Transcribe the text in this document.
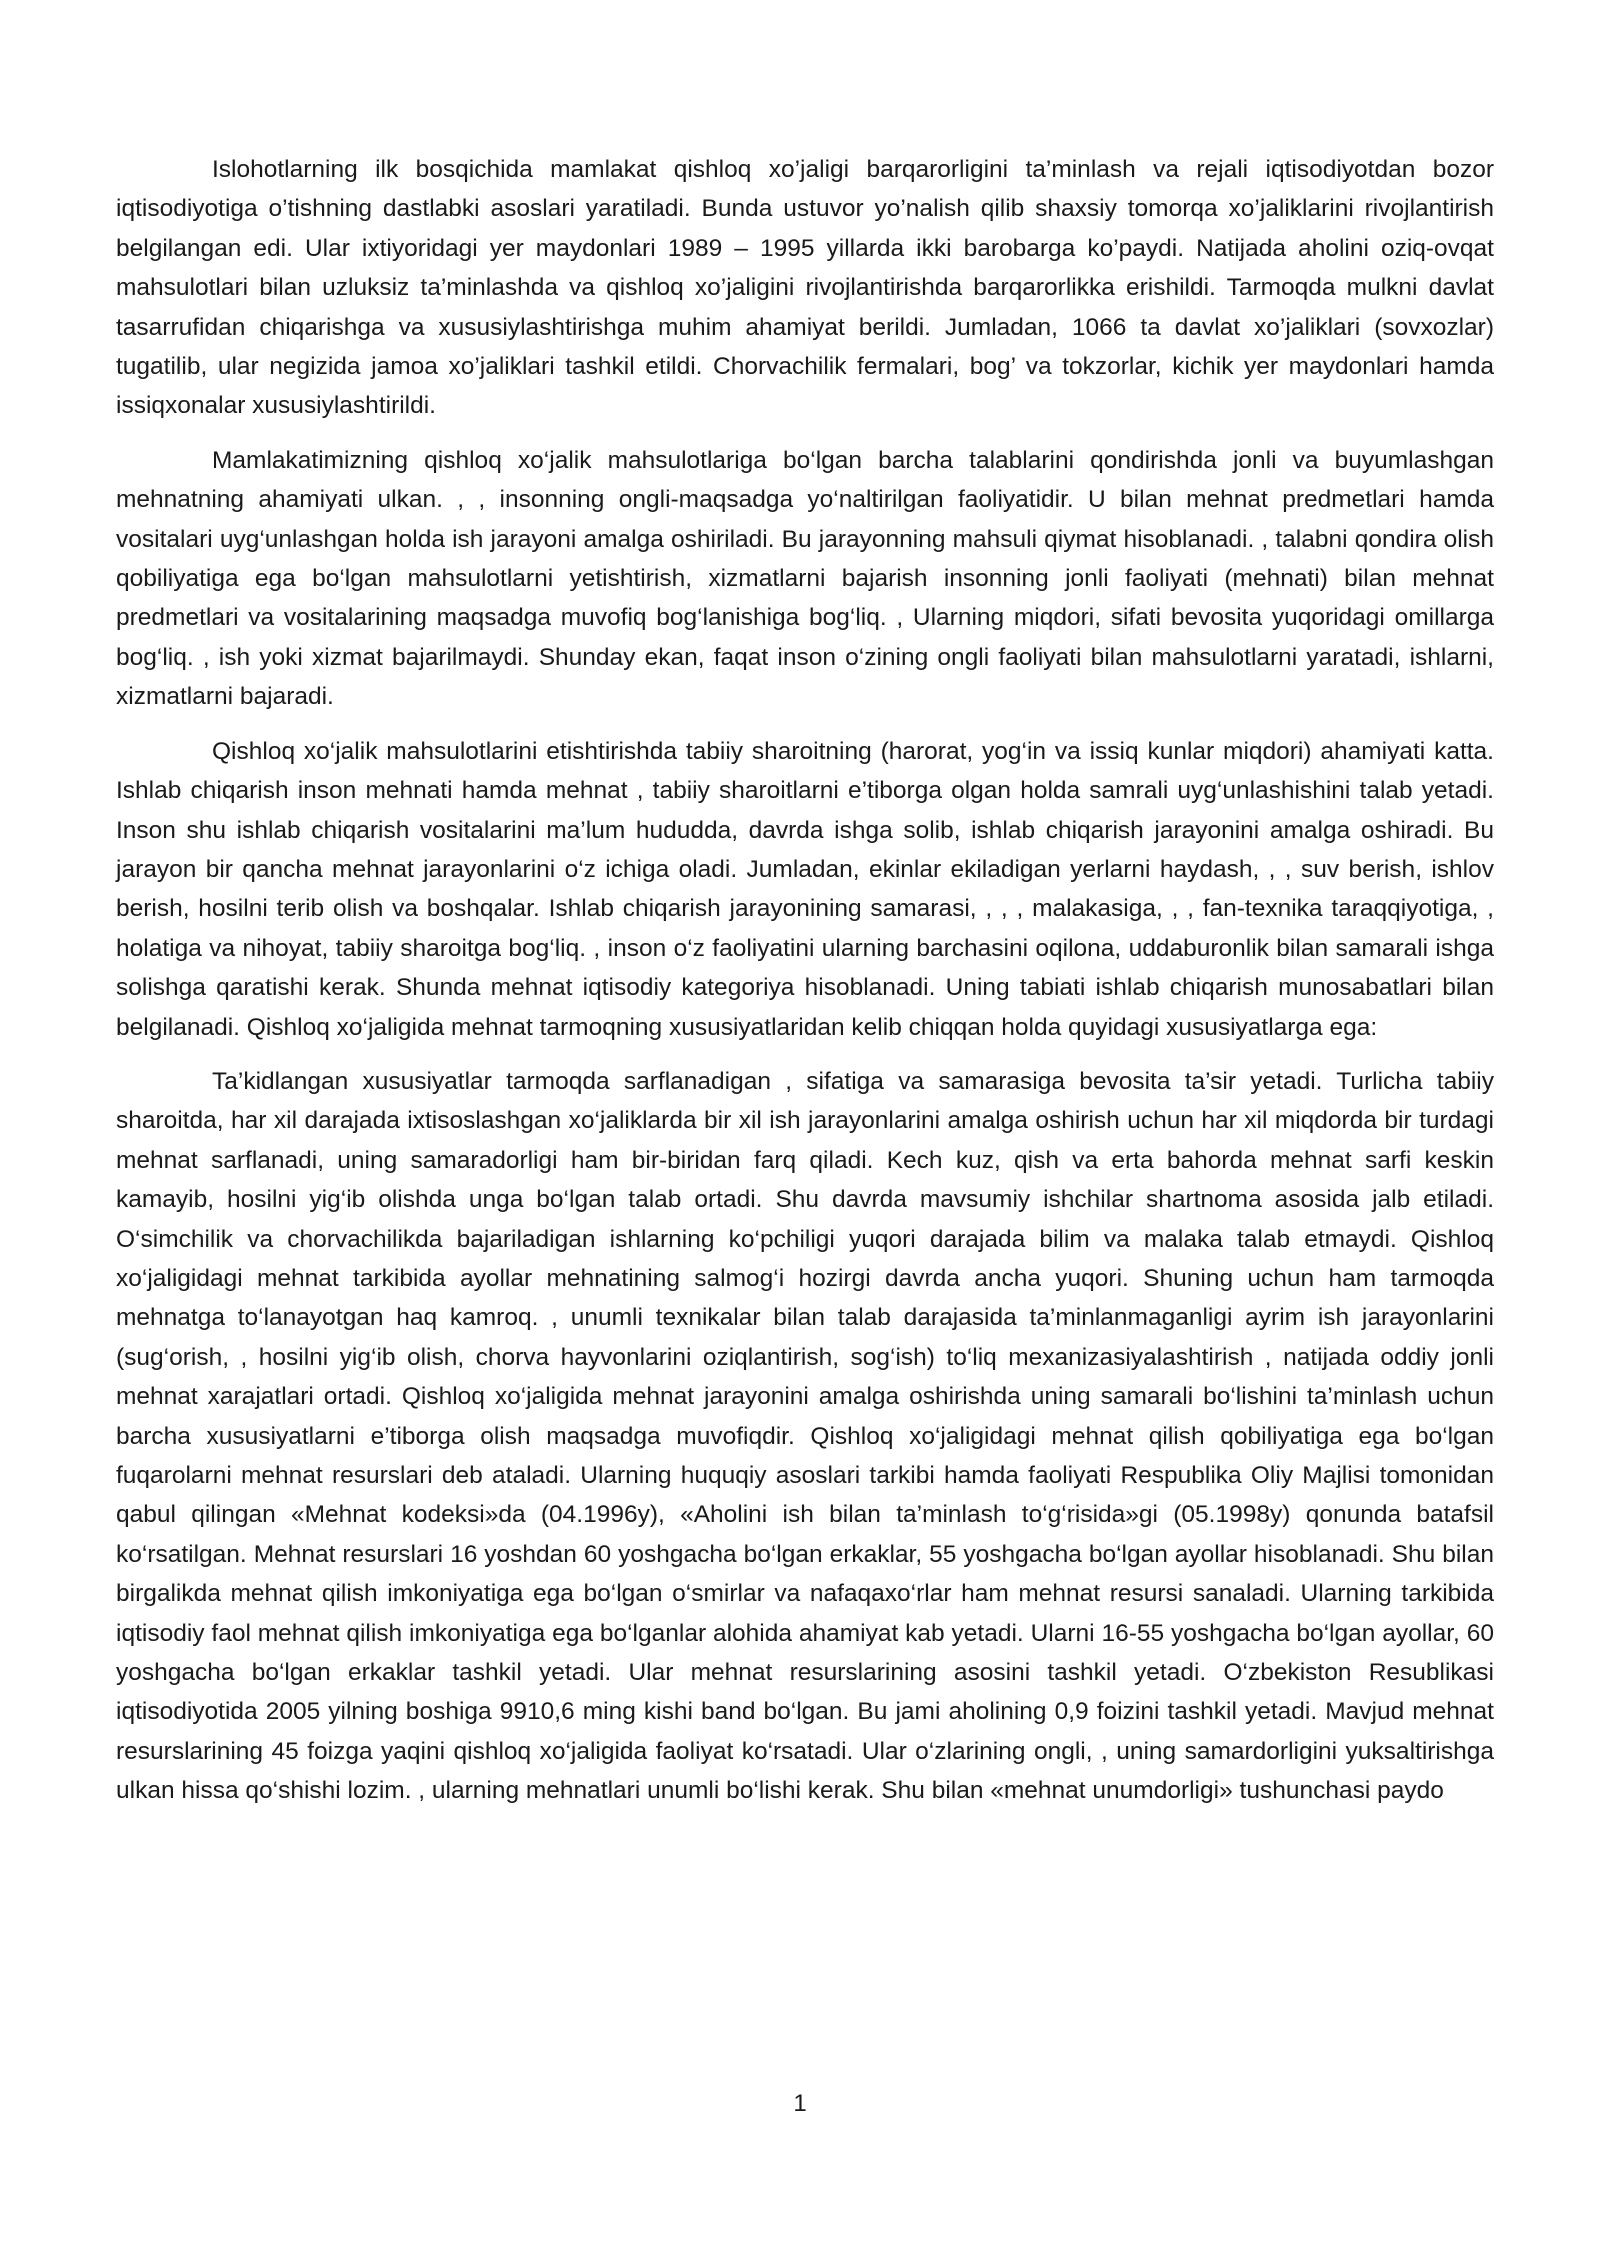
Islohotlarning ilk bosqichida mamlakat qishloq xo’jaligi barqarorligini ta’minlash va rejali iqtisodiyotdan bozor iqtisodiyotiga o’tishning dastlabki asoslari yaratiladi. Bunda ustuvor yo’nalish qilib shaxsiy tomorqa xo’jaliklarini rivojlantirish belgilangan edi. Ular ixtiyoridagi yer maydonlari 1989 – 1995 yillarda ikki barobarga ko’paydi. Natijada aholini oziq-ovqat mahsulotlari bilan uzluksiz ta’minlashda va qishloq xo’jaligini rivojlantirishda barqarorlikka erishildi. Tarmoqda mulkni davlat tasarrufidan chiqarishga va xususiylashtirishga muhim ahamiyat berildi. Jumladan, 1066 ta davlat xo’jaliklari (sovxozlar) tugatilib, ular negizida jamoa xo’jaliklari tashkil etildi. Chorvachilik fermalari, bog’ va tokzorlar, kichik yer maydonlari hamda issiqxonalar xususiylashtirildi.

Mamlakatimizning qishloq xo‘jalik mahsulotlariga bo‘lgan barcha talablarini qondirishda jonli va buyumlashgan mehnatning ahamiyati ulkan. , , insonning ongli-maqsadga yo‘naltirilgan faoliyatidir. U bilan mehnat predmetlari hamda vositalari uyg‘unlashgan holda ish jarayoni amalga oshiriladi. Bu jarayonning mahsuli qiymat hisoblanadi. , talabni qondira olish qobiliyatiga ega bo‘lgan mahsulotlarni yetishtirish, xizmatlarni bajarish insonning jonli faoliyati (mehnati) bilan mehnat predmetlari va vositalarining maqsadga muvofiq bog‘lanishiga bog‘liq. , Ularning miqdori, sifati bevosita yuqoridagi omillarga bog‘liq. , ish yoki xizmat bajarilmaydi. Shunday ekan, faqat inson o‘zining ongli faoliyati bilan mahsulotlarni yaratadi, ishlarni, xizmatlarni bajaradi.

Qishloq xo‘jalik mahsulotlarini etishtirishda tabiiy sharoitning (harorat, yog‘in va issiq kunlar miqdori) ahamiyati katta. Ishlab chiqarish inson mehnati hamda mehnat , tabiiy sharoitlarni e’tiborga olgan holda samrali uyg‘unlashishini talab yetadi. Inson shu ishlab chiqarish vositalarini ma’lum hududda, davrda ishga solib, ishlab chiqarish jarayonini amalga oshiradi. Bu jarayon bir qancha mehnat jarayonlarini o‘z ichiga oladi. Jumladan, ekinlar ekiladigan yerlarni haydash, , , suv berish, ishlov berish, hosilni terib olish va boshqalar. Ishlab chiqarish jarayonining samarasi, , , , malakasiga, , , fan-texnika taraqqiyotiga, , holatiga va nihoyat, tabiiy sharoitga bog‘liq. , inson o‘z faoliyatini ularning barchasini oqilona, uddaburonlik bilan samarali ishga solishga qaratishi kerak. Shunda mehnat iqtisodiy kategoriya hisoblanadi. Uning tabiati ishlab chiqarish munosabatlari bilan belgilanadi. Qishloq xo‘jaligida mehnat tarmoqning xususiyatlaridan kelib chiqqan holda quyidagi xususiyatlarga ega:

Ta’kidlangan xususiyatlar tarmoqda sarflanadigan , sifatiga va samarasiga bevosita ta’sir yetadi. Turlicha tabiiy sharoitda, har xil darajada ixtisoslashgan xo‘jaliklarda bir xil ish jarayonlarini amalga oshirish uchun har xil miqdorda bir turdagi mehnat sarflanadi, uning samaradorligi ham bir-biridan farq qiladi. Kech kuz, qish va erta bahorda mehnat sarfi keskin kamayib, hosilni yig‘ib olishda unga bo‘lgan talab ortadi. Shu davrda mavsumiy ishchilar shartnoma asosida jalb etiladi. O‘simchilik va chorvachilikda bajariladigan ishlarning ko‘pchiligi yuqori darajada bilim va malaka talab etmaydi. Qishloq xo‘jaligidagi mehnat tarkibida ayollar mehnatining salmog‘i hozirgi davrda ancha yuqori. Shuning uchun ham tarmoqda mehnatga to‘lanayotgan haq kamroq. , unumli texnikalar bilan talab darajasida ta’minlanmaganligi ayrim ish jarayonlarini (sug‘orish, , hosilni yig‘ib olish, chorva hayvonlarini oziqlantirish, sog‘ish) to‘liq mexanizasiyalashtirish , natijada oddiy jonli mehnat xarajatlari ortadi. Qishloq xo‘jaligida mehnat jarayonini amalga oshirishda uning samarali bo‘lishini ta’minlash uchun barcha xususiyatlarni e’tiborga olish maqsadga muvofiqdir. Qishloq xo‘jaligidagi mehnat qilish qobiliyatiga ega bo‘lgan fuqarolarni mehnat resurslari deb ataladi. Ularning huquqiy asoslari tarkibi hamda faoliyati Respublika Oliy Majlisi tomonidan qabul qilingan «Mehnat kodeksi»da (04.1996y), «Aholini ish bilan ta’minlash to‘g‘risida»gi (05.1998y) qonunda batafsil ko‘rsatilgan. Mehnat resurslari 16 yoshdan 60 yoshgacha bo‘lgan erkaklar, 55 yoshgacha bo‘lgan ayollar hisoblanadi. Shu bilan birgalikda mehnat qilish imkoniyatiga ega bo‘lgan o‘smirlar va nafaqaxo‘rlar ham mehnat resursi sanaladi. Ularning tarkibida iqtisodiy faol mehnat qilish imkoniyatiga ega bo‘lganlar alohida ahamiyat kab yetadi. Ularni 16-55 yoshgacha bo‘lgan ayollar, 60 yoshgacha bo‘lgan erkaklar tashkil yetadi. Ular mehnat resurslarining asosini tashkil yetadi. O‘zbekiston Resublikasi iqtisodiyotida 2005 yilning boshiga 9910,6 ming kishi band bo‘lgan. Bu jami aholining 0,9 foizini tashkil yetadi. Mavjud mehnat resurslarining 45 foizga yaqini qishloq xo‘jaligida faoliyat ko‘rsatadi. Ular o‘zlarining ongli, , uning samardorligini yuksaltirishga ulkan hissa qo‘shishi lozim. , ularning mehnatlari unumli bo‘lishi kerak. Shu bilan «mehnat unumdorligi» tushunchasi paydo

1
